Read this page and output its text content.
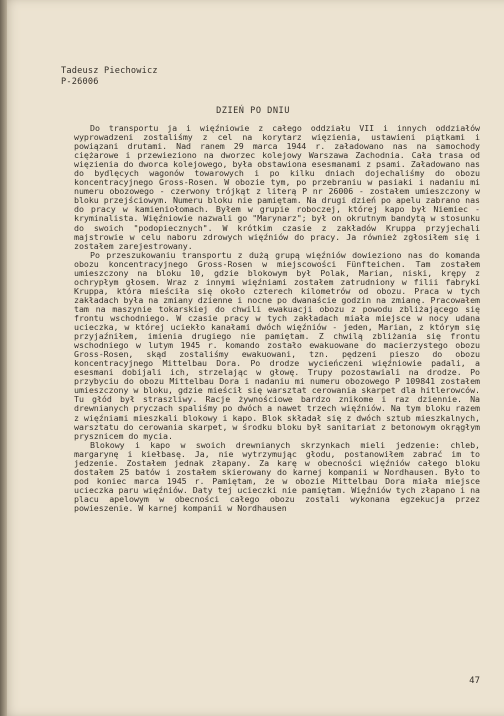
Tadeusz Piechowicz
P-26006
DZIEŃ PO DNIU

Do transportu ja i więźniowie z całego oddziału VII i innych oddziałów wyprowadzeni zostaliśmy z cel na korytarz więzienia, ustawieni piątkami i powiązani drutami. Nad ranem 29 marca 1944 r. załadowano nas na samochody ciężarowe i przewieziono na dworzec kolejowy Warszawa Zachodnia. Cała trasa od więzienia do dworca kolejowego, była obstawiona esesmanami z psami. Załadowano nas do bydlęcych wagonów towarowych i po kilku dniach dojechaliśmy do obozu koncentracyjnego Gross-Rosen. W obozie tym, po przebraniu w pasiaki i nadaniu mi numeru obozowego - czerwony trójkąt z literą P nr 26006 - zostałem umieszczony w bloku przejściowym. Numeru bloku nie pamiętam. Na drugi dzień po apelu zabrano nas do pracy w kamieniołomach. Byłem w grupie roboczej, której kapo był Niemiec - kryminalista. Więźniowie nazwali go "Marynarz"; był on okrutnym bandytą w stosunku do swoich "podopiecznych". W krótkim czasie z zakładów Kruppa przyjechali majstrowie w celu naboru zdrowych więźniów do pracy. Ja również zgłosiłem się i zostałem zarejestrowany.

Po przeszukowaniu transportu z dużą grupą więźniów dowieziono nas do komanda obozu koncentracyjnego Gross-Rosen w miejscowości Fünfteichen. Tam zostałem umieszczony na bloku 10, gdzie blokowym był Polak, Marian, niski, krępy z ochrypłym głosem. Wraz z innymi więźniami zostałem zatrudniony w filii fabryki Kruppa, która mieściła się około czterech kilometrów od obozu. Praca w tych zakładach była na zmiany dzienne i nocne po dwanaście godzin na zmianę. Pracowałem tam na maszynie tokarskiej do chwili ewakuacji obozu z powodu zbliżającego się frontu wschodniego. W czasie pracy w tych zakładach miała miejsce w nocy udana ucieczka, w której uciekło kanałami dwóch więźniów - jeden, Marian, z którym się przyjaźniłem, imienia drugiego nie pamiętam. Z chwilą zbliżania się frontu wschodniego w lutym 1945 r. komando zostało ewakuowane do macierzystego obozu Gross-Rosen, skąd zostaliśmy ewakuowani, tzn. pędzeni pieszo do obozu koncentracyjnego Mittelbau Dora. Po drodze wycieńczeni więźniowie padali, a esesmani dobijali ich, strzelając w głowę. Trupy pozostawiali na drodze. Po przybyciu do obozu Mittelbau Dora i nadaniu mi numeru obozowego P 109841 zostałem umieszczony w bloku, gdzie mieścił się warsztat cerowania skarpet dla hitlerowców. Tu głód był straszliwy. Racje żywnościowe bardzo znikome i raz dziennie. Na drewnianych pryczach spaliśmy po dwóch a nawet trzech więźniów. Na tym bloku razem z więźniami mieszkali blokowy i kapo. Blok składał się z dwóch sztub mieszkalnych, warsztatu do cerowania skarpet, w środku bloku był sanitariat z betonowym okrągłym prysznicem do mycia.

Blokowy i kapo w swoich drewnianych skrzynkach mieli jedzenie: chleb, margarynę i kiełbasę. Ja, nie wytrzymując głodu, postanowiłem zabrać im to jedzenie. Zostałem jednak złapany. Za karę w obecności więźniów całego bloku dostałem 25 batów i zostałem skierowany do karnej kompanii w Nordhausen. Było to pod koniec marca 1945 r. Pamiętam, że w obozie Mittelbau Dora miała miejsce ucieczka paru więźniów. Daty tej ucieczki nie pamiętam. Więźniów tych złapano i na placu apelowym w obecności całego obozu zostali wykonana egzekucja przez powieszenie. W karnej kompanii w Nordhausen

47
